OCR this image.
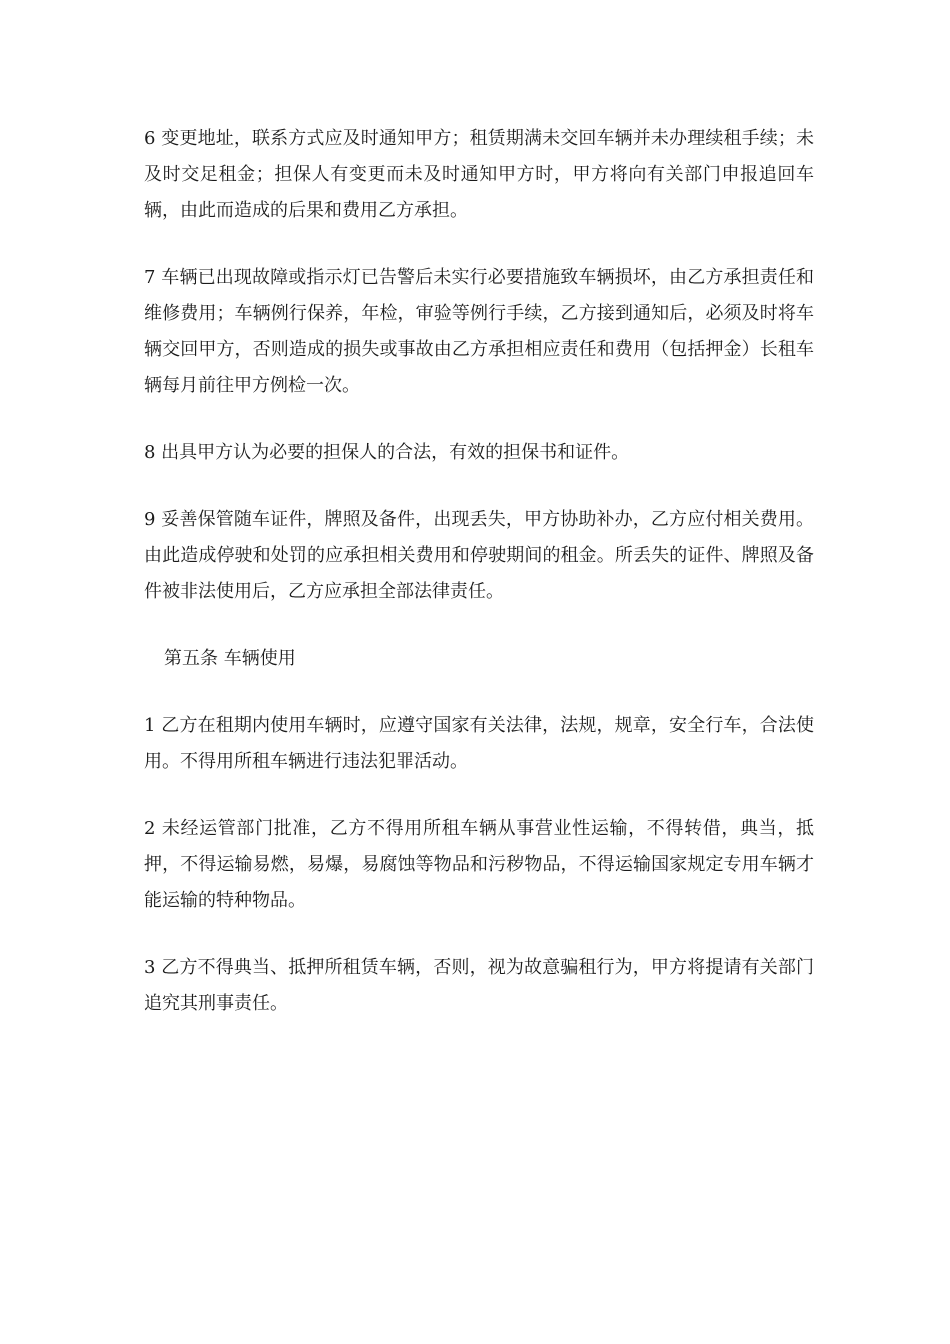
6 变更地址，联系方式应及时通知甲方；租赁期满未交回车辆并未办理续租手续；未及时交足租金；担保人有变更而未及时通知甲方时，甲方将向有关部门申报追回车辆，由此而造成的后果和费用乙方承担。

7 车辆已出现故障或指示灯已告警后未实行必要措施致车辆损坏，由乙方承担责任和维修费用；车辆例行保养，年检，审验等例行手续，乙方接到通知后，必须及时将车辆交回甲方，否则造成的损失或事故由乙方承担相应责任和费用（包括押金）长租车辆每月前往甲方例检一次。

8 出具甲方认为必要的担保人的合法，有效的担保书和证件。

9 妥善保管随车证件，牌照及备件，出现丢失，甲方协助补办，乙方应付相关费用。由此造成停驶和处罚的应承担相关费用和停驶期间的租金。所丢失的证件、牌照及备件被非法使用后，乙方应承担全部法律责任。

第五条 车辆使用

1 乙方在租期内使用车辆时，应遵守国家有关法律，法规，规章，安全行车，合法使用。不得用所租车辆进行违法犯罪活动。

2 未经运管部门批准，乙方不得用所租车辆从事营业性运输，不得转借，典当，抵押，不得运输易燃，易爆，易腐蚀等物品和污秽物品，不得运输国家规定专用车辆才能运输的特种物品。

3 乙方不得典当、抵押所租赁车辆，否则，视为故意骗租行为，甲方将提请有关部门追究其刑事责任。
